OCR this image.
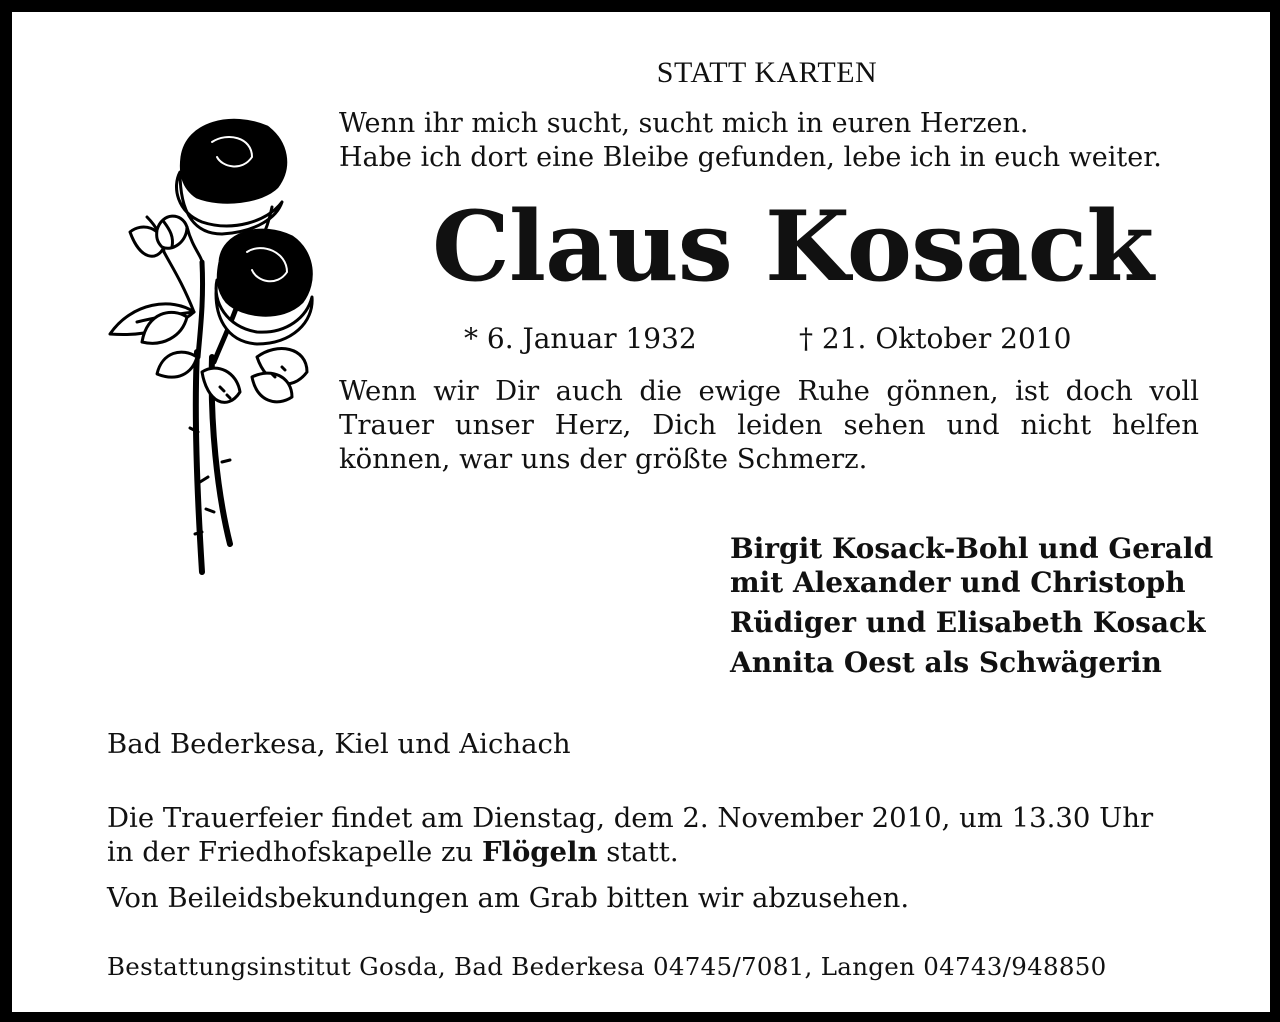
STATT KARTEN

Wenn ihr mich sucht, sucht mich in euren Herzen.

Habe ich dort eine Bleibe gefunden, lebe ich in euch weiter.

Claus Kosack

* 6. Januar 1932	† 21. Oktober 2010

Wenn wir Dir auch die ewige Ruhe gönnen, ist doch voll

Trauer unser Herz, Dich leiden sehen und nicht helfen

können, war uns der größte Schmerz.

Birgit Kosack-Bohl und Gerald

mit Alexander und Christoph

Rüdiger und Elisabeth Kosack

Annita Oest als Schwägerin

Bad Bederkesa, Kiel und Aichach

Die Trauerfeier findet am Dienstag, dem 2. November 2010, um 13.30 Uhr

in der Friedhofskapelle zu Flögeln statt.

Von Beileidsbekundungen am Grab bitten wir abzusehen.

Bestattungsinstitut Gosda, Bad Bederkesa 04745/7081, Langen 04743/948850
